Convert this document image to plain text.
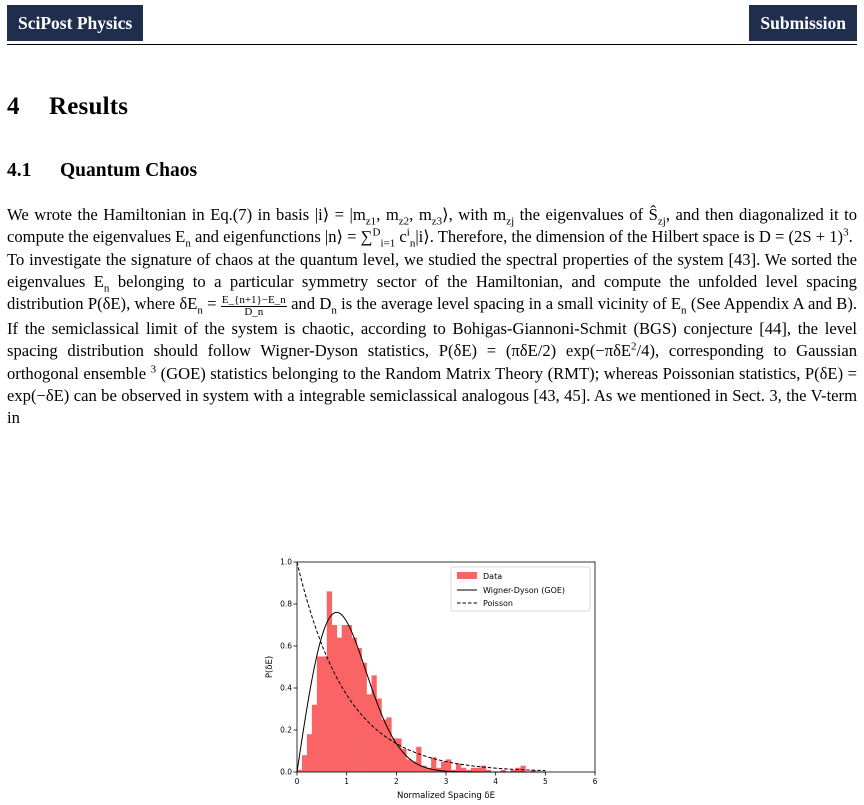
SciPost Physics	Submission
4 Results
4.1 Quantum Chaos

We wrote the Hamiltonian in Eq.(7) in basis |i⟩ = $|m_{z1}$, $m_{z2}$, $m_{z3}⟩$, with $m_{zj}$ the eigenvalues of $Ŝ_{zj}$, and then diagonalized it to compute the eigenvalues $E_n$ and eigenfunctions |n⟩ = ∑$^D_{i=1}$ $c^i_n|i⟩$. Therefore, the dimension of the Hilbert space is $D = (2S + 1)^3$.

To investigate the signature of chaos at the quantum level, we studied the spectral properties of the system [43]. We sorted the eigenvalues $E_n$ belonging to a particular symmetry sector of the Hamiltonian, and compute the unfolded level spacing distribution P(δE), where $\delta E_n = \frac{E\_\{n+1\}-E\_n}{D\_n}$ and $D_n$ is the average level spacing in a small vicinity of $E_n$ (See Appendix A and B). If the semiclassical limit of the system is chaotic, according to Bohigas-Giannoni-Schmit (BGS) conjecture [44], the level spacing distribution should follow Wigner-Dyson statistics, P(δE) = (πδE/2) exp(−πδE$^2$/4), corresponding to Gaussian orthogonal ensemble $^3$ (GOE) statistics belonging to the Random Matrix Theory (RMT); whereas Poissonian statistics, P(δE) = exp(−δE) can be observed in system with a integrable semiclassical analogous [43, 45]. As we mentioned in Sect. 3, the V-term in

0	1	2	3	4	5	6
0.0
0.2
0.4
0.6
0.8
1.0
Normalized Spacing δE
P(δE)
Data
Wigner-Dyson (GOE)
Poisson
